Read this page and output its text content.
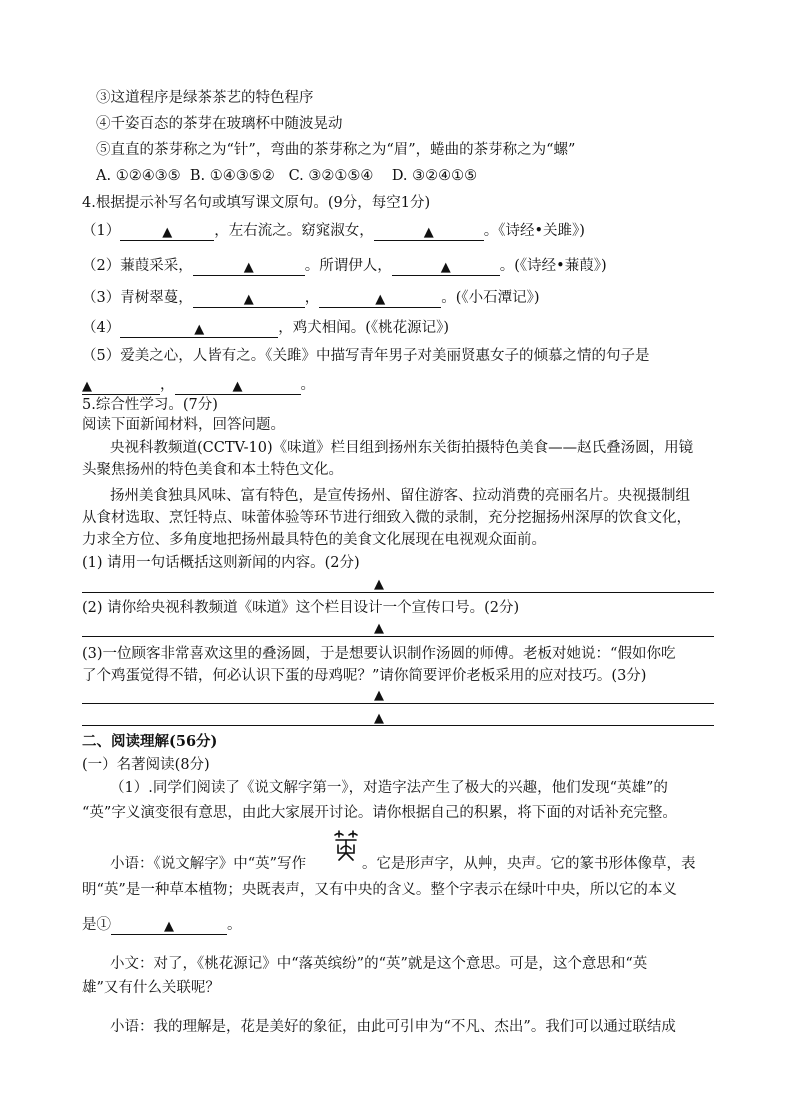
③这道程序是绿茶茶艺的特色程序
④千姿百态的茶芽在玻璃杯中随波晃动
⑤直直的茶芽称之为“针”，弯曲的茶芽称之为“眉”，蜷曲的茶芽称之为“螺”
A. ①②④③⑤  B. ①④③⑤②   C. ③②①⑤④    D. ③②④①⑤
4.根据提示补写名句或填写课文原句。(9分，每空1分)
（1）	▲	，左右流之。窈窕淑女，	▲	。《诗经•关雎》)
（2）蒹葭采采，	▲	。所谓伊人，	▲	。(《诗经•蒹葭》)
（3）青树翠蔓，	▲	，	▲	。(《小石潭记》)
（4）	▲	，鸡犬相闻。(《桃花源记》)
（5）爱美之心，人皆有之。《关雎》中描写青年男子对美丽贤惠女子的倾慕之情的句子是
▲	，	▲	。
5.综合性学习。(7分)
阅读下面新闻材料，回答问题。
央视科教频道(CCTV-10)《味道》栏目组到扬州东关街拍摄特色美食——赵氏叠汤圆，用镜
头聚焦扬州的特色美食和本土特色文化。
扬州美食独具风味、富有特色，是宣传扬州、留住游客、拉动消费的亮丽名片。央视摄制组
从食材选取、烹饪特点、味蕾体验等环节进行细致入微的录制，充分挖掘扬州深厚的饮食文化，
力求全方位、多角度地把扬州最具特色的美食文化展现在电视观众面前。
(1) 请用一句话概括这则新闻的内容。(2分)
▲
(2) 请你给央视科教频道《味道》这个栏目设计一个宣传口号。(2分)
▲
(3)一位顾客非常喜欢这里的叠汤圆，于是想要认识制作汤圆的师傅。老板对她说：“假如你吃
了个鸡蛋觉得不错，何必认识下蛋的母鸡呢？”请你简要评价老板采用的应对技巧。(3分)
▲
▲
二、阅读理解(56分)
(一）名著阅读(8分)
（1）.同学们阅读了《说文解字第一》，对造字法产生了极大的兴趣，他们发现“英雄”的
“英”字义演变很有意思，由此大家展开讨论。请你根据自己的积累，将下面的对话补充完整。
小语：《说文解字》中“英”写作	。它是形声字，从艸，央声。它的篆书形体像草，表
明“英”是一种草本植物；央既表声，又有中央的含义。整个字表示在绿叶中央，所以它的本义
是①	▲	。
小文：对了，《桃花源记》中“落英缤纷”的“英”就是这个意思。可是，这个意思和“英
雄”又有什么关联呢？
小语：我的理解是，花是美好的象征，由此可引申为“不凡、杰出”。我们可以通过联结成
